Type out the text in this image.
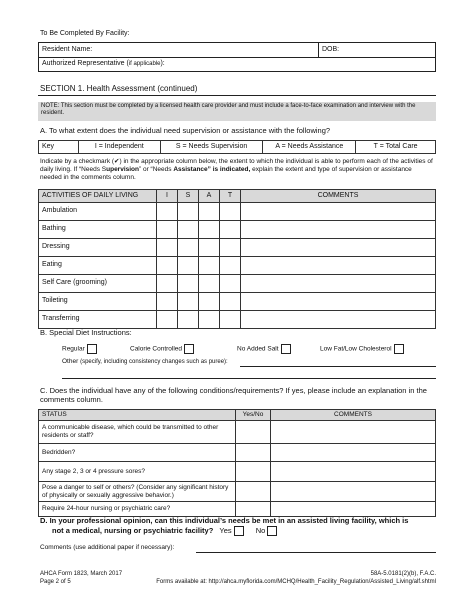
To Be Completed By Facility:
Resident Name:	DOB:
Authorized Representative (if applicable):
SECTION 1. Health Assessment (continued)
NOTE: This section must be completed by a licensed health care provider and must include a face-to-face examination and interview with the resident.
A. To what extent does the individual need supervision or assistance with the following?
Key	I = Independent	S = Needs Supervision	A = Needs Assistance	T = Total Care
Indicate by a checkmark (✔) in the appropriate column below, the extent to which the individual is able to perform each of the activities of daily living. If “Needs Supervision” or “Needs Assistance” is indicated, explain the extent and type of supervision or assistance needed in the comments column.
ACTIVITIES OF DAILY LIVING	I	S	A	T	COMMENTS
Ambulation					
Bathing					
Dressing					
Eating					
Self Care (grooming)					
Toileting					
Transferring					
B. Special Diet Instructions:
Regular	Calorie Controlled	No Added Salt	Low Fat/Low Cholesterol
Other (specify, including consistency changes such as puree):
C. Does the individual have any of the following conditions/requirements? If yes, please include an explanation in the comments column.
STATUS	Yes/No	COMMENTS
A communicable disease, which could be transmitted to other residents or staff?		
Bedridden?		
Any stage 2, 3 or 4 pressure sores?		
Pose a danger to self or others? (Consider any significant history of physically or sexually aggressive behavior.)		
Require 24-hour nursing or psychiatric care?		
D. In your professional opinion, can this individual’s needs be met in an assisted living facility, which is
not a medical, nursing or psychiatric facility? Yes	No
Comments (use additional paper if necessary):
AHCA Form 1823, March 2017
Page 2 of 5
58A-5.0181(2)(b), F.A.C.
Forms available at: http://ahca.myflorida.com/MCHQ/Health_Facility_Regulation/Assisted_Living/alf.shtml
